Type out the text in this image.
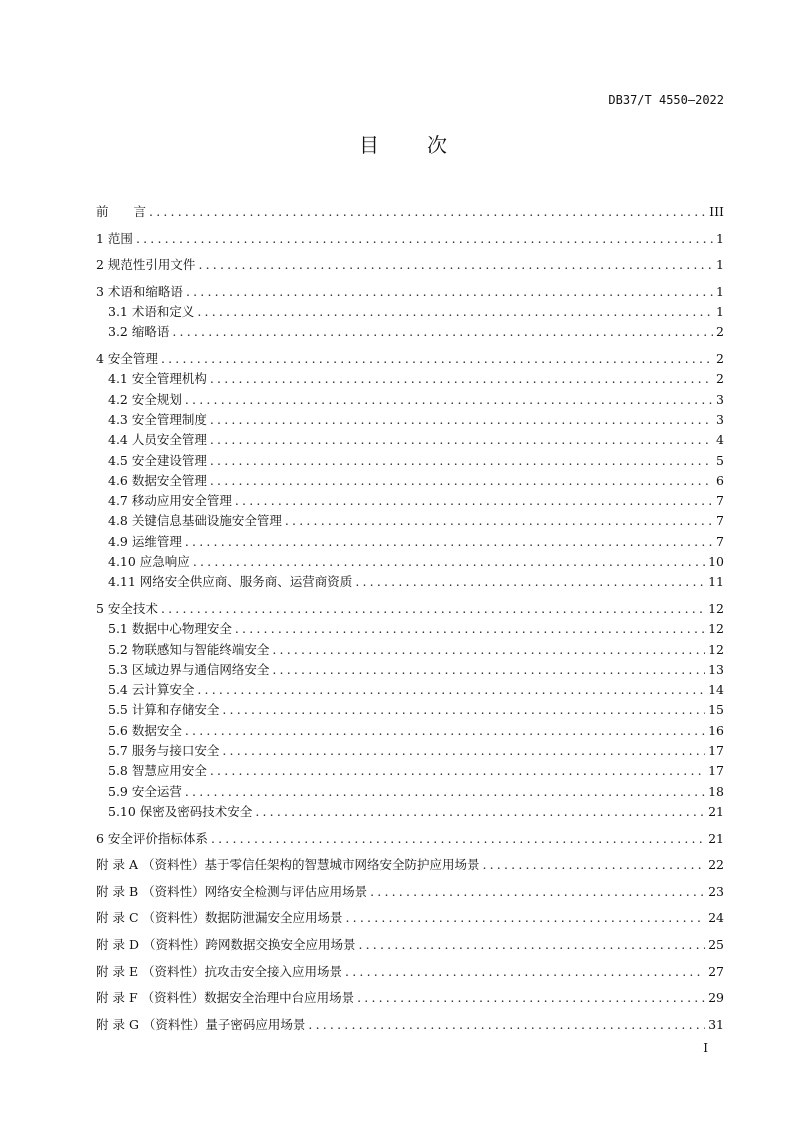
DB37/T 4550—2022
目　次
前　　言 .....	III
1 范围 .....	1
2 规范性引用文件 .....	1
3 术语和缩略语 .....	1
3.1 术语和定义 .....	1
3.2 缩略语 .....	2
4 安全管理 .....	2
4.1 安全管理机构 .....	2
4.2 安全规划 .....	3
4.3 安全管理制度 .....	3
4.4 人员安全管理 .....	4
4.5 安全建设管理 .....	5
4.6 数据安全管理 .....	6
4.7 移动应用安全管理 .....	7
4.8 关键信息基础设施安全管理 .....	7
4.9 运维管理 .....	7
4.10 应急响应 .....	10
4.11 网络安全供应商、服务商、运营商资质 .....	11
5 安全技术 .....	12
5.1 数据中心物理安全 .....	12
5.2 物联感知与智能终端安全 .....	12
5.3 区域边界与通信网络安全 .....	13
5.4 云计算安全 .....	14
5.5 计算和存储安全 .....	15
5.6 数据安全 .....	16
5.7 服务与接口安全 .....	17
5.8 智慧应用安全 .....	17
5.9 安全运营 .....	18
5.10 保密及密码技术安全 .....	21
6 安全评价指标体系 .....	21
附 录 A （资料性）基于零信任架构的智慧城市网络安全防护应用场景 .....	22
附 录 B （资料性）网络安全检测与评估应用场景 .....	23
附 录 C （资料性）数据防泄漏安全应用场景 .....	24
附 录 D （资料性）跨网数据交换安全应用场景 .....	25
附 录 E （资料性）抗攻击安全接入应用场景 .....	27
附 录 F （资料性）数据安全治理中台应用场景 .....	29
附 录 G （资料性）量子密码应用场景 .....	31
I
